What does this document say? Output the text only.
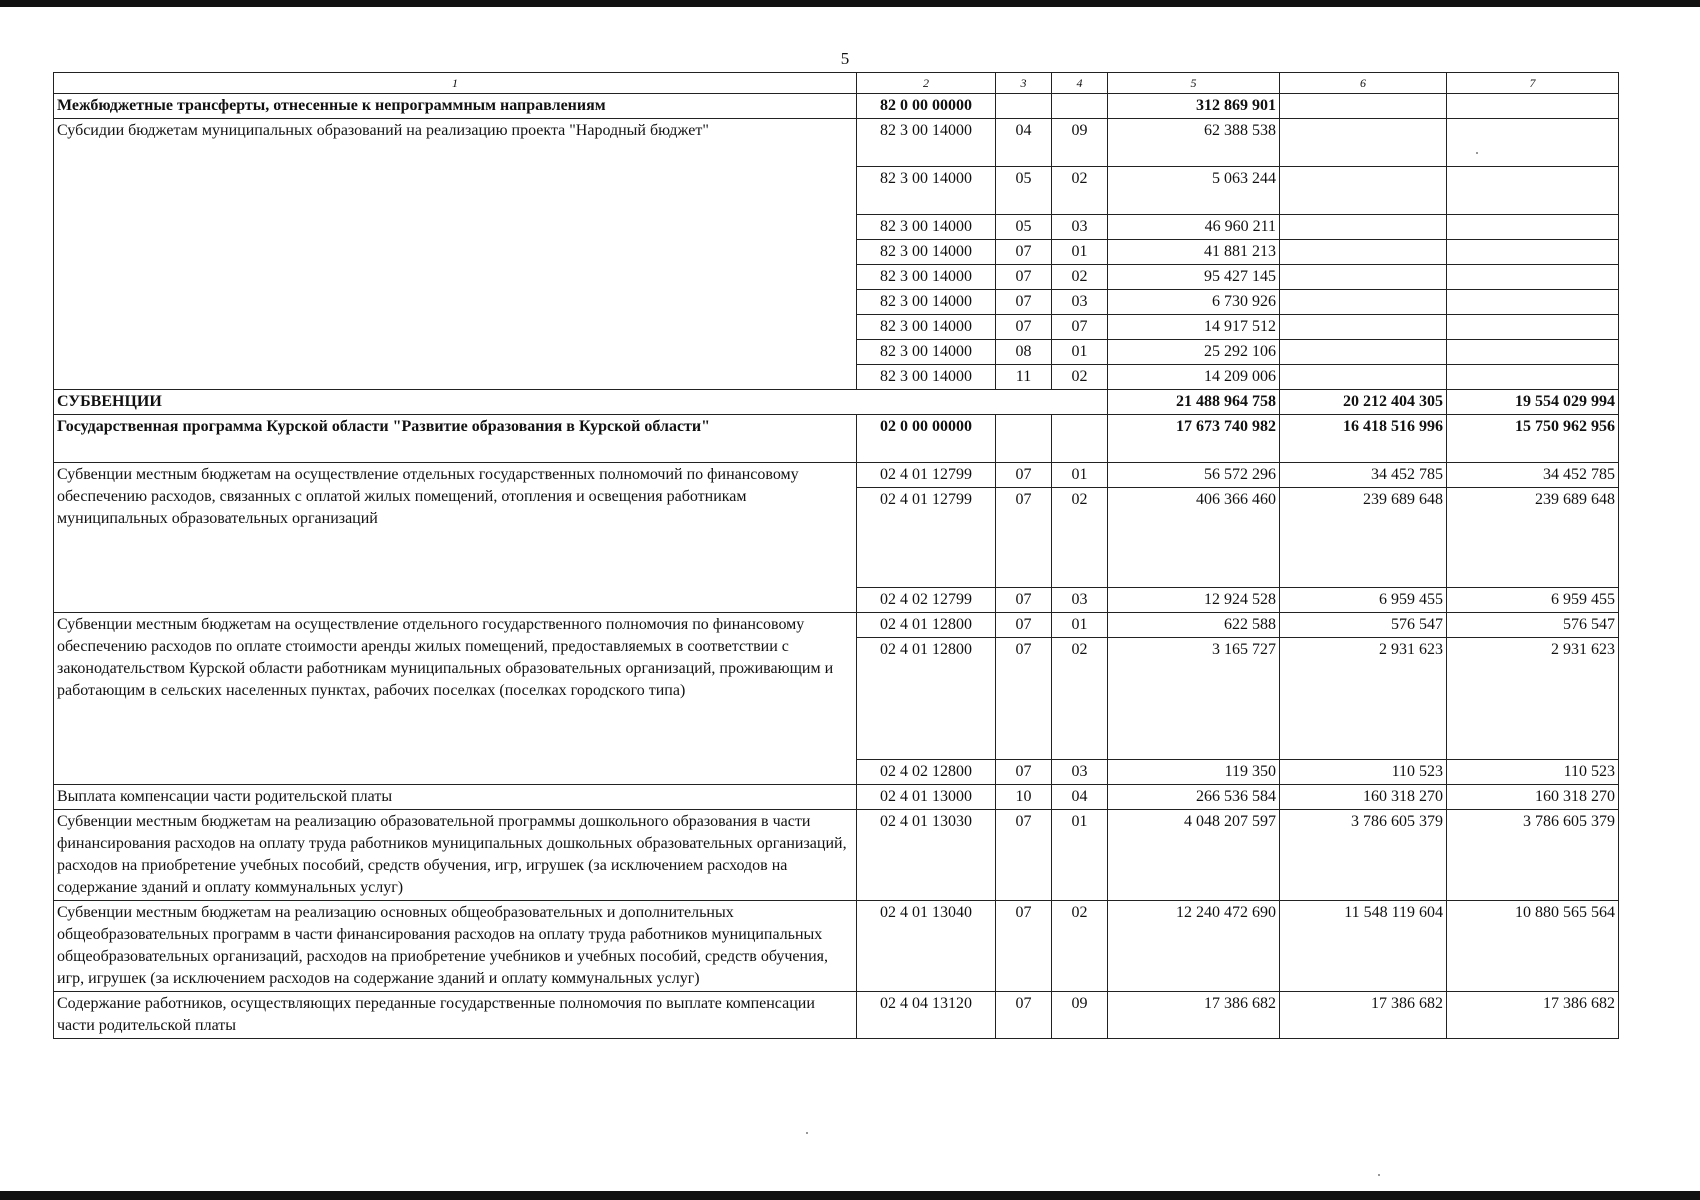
5
1	2	3	4	5	6	7
Межбюджетные трансферты, отнесенные к непрограммным направлениям	82 0 00 00000			312 869 901		
Субсидии бюджетам муниципальных образований на реализацию проекта "Народный бюджет"	82 3 00 14000	04	09	62 388 538		
	82 3 00 14000	05	02	5 063 244		
	82 3 00 14000	05	03	46 960 211		
	82 3 00 14000	07	01	41 881 213		
	82 3 00 14000	07	02	95 427 145		
	82 3 00 14000	07	03	6 730 926		
	82 3 00 14000	07	07	14 917 512		
	82 3 00 14000	08	01	25 292 106		
	82 3 00 14000	11	02	14 209 006		
СУБВЕНЦИИ				21 488 964 758	20 212 404 305	19 554 029 994
Государственная программа Курской области "Развитие образования в Курской области"	02 0 00 00000			17 673 740 982	16 418 516 996	15 750 962 956
Субвенции местным бюджетам на осуществление отдельных государственных полномочий по финансовому обеспечению расходов, связанных с оплатой жилых помещений, отопления и освещения работникам муниципальных образовательных организаций	02 4 01 12799	07	01	56 572 296	34 452 785	34 452 785
	02 4 01 12799	07	02	406 366 460	239 689 648	239 689 648
	02 4 02 12799	07	03	12 924 528	6 959 455	6 959 455
Субвенции местным бюджетам на осуществление отдельного государственного полномочия по финансовому обеспечению расходов по оплате стоимости аренды жилых помещений, предоставляемых в соответствии с законодательством Курской области работникам муниципальных образовательных организаций, проживающим и работающим в сельских населенных пунктах, рабочих поселках (поселках городского типа)	02 4 01 12800	07	01	622 588	576 547	576 547
	02 4 01 12800	07	02	3 165 727	2 931 623	2 931 623
	02 4 02 12800	07	03	119 350	110 523	110 523
Выплата компенсации части родительской платы	02 4 01 13000	10	04	266 536 584	160 318 270	160 318 270
Субвенции местным бюджетам на реализацию образовательной программы дошкольного образования в части финансирования расходов на оплату труда работников муниципальных дошкольных образовательных организаций, расходов на приобретение учебных пособий, средств обучения, игр, игрушек (за исключением расходов на содержание зданий и оплату коммунальных услуг)	02 4 01 13030	07	01	4 048 207 597	3 786 605 379	3 786 605 379
Субвенции местным бюджетам на реализацию основных общеобразовательных и дополнительных общеобразовательных программ в части финансирования расходов на оплату труда работников муниципальных общеобразовательных организаций, расходов на приобретение учебников и учебных пособий, средств обучения, игр, игрушек (за исключением расходов на содержание зданий и оплату коммунальных услуг)	02 4 01 13040	07	02	12 240 472 690	11 548 119 604	10 880 565 564
Содержание работников, осуществляющих переданные государственные полномочия по выплате компенсации части родительской платы	02 4 04 13120	07	09	17 386 682	17 386 682	17 386 682
